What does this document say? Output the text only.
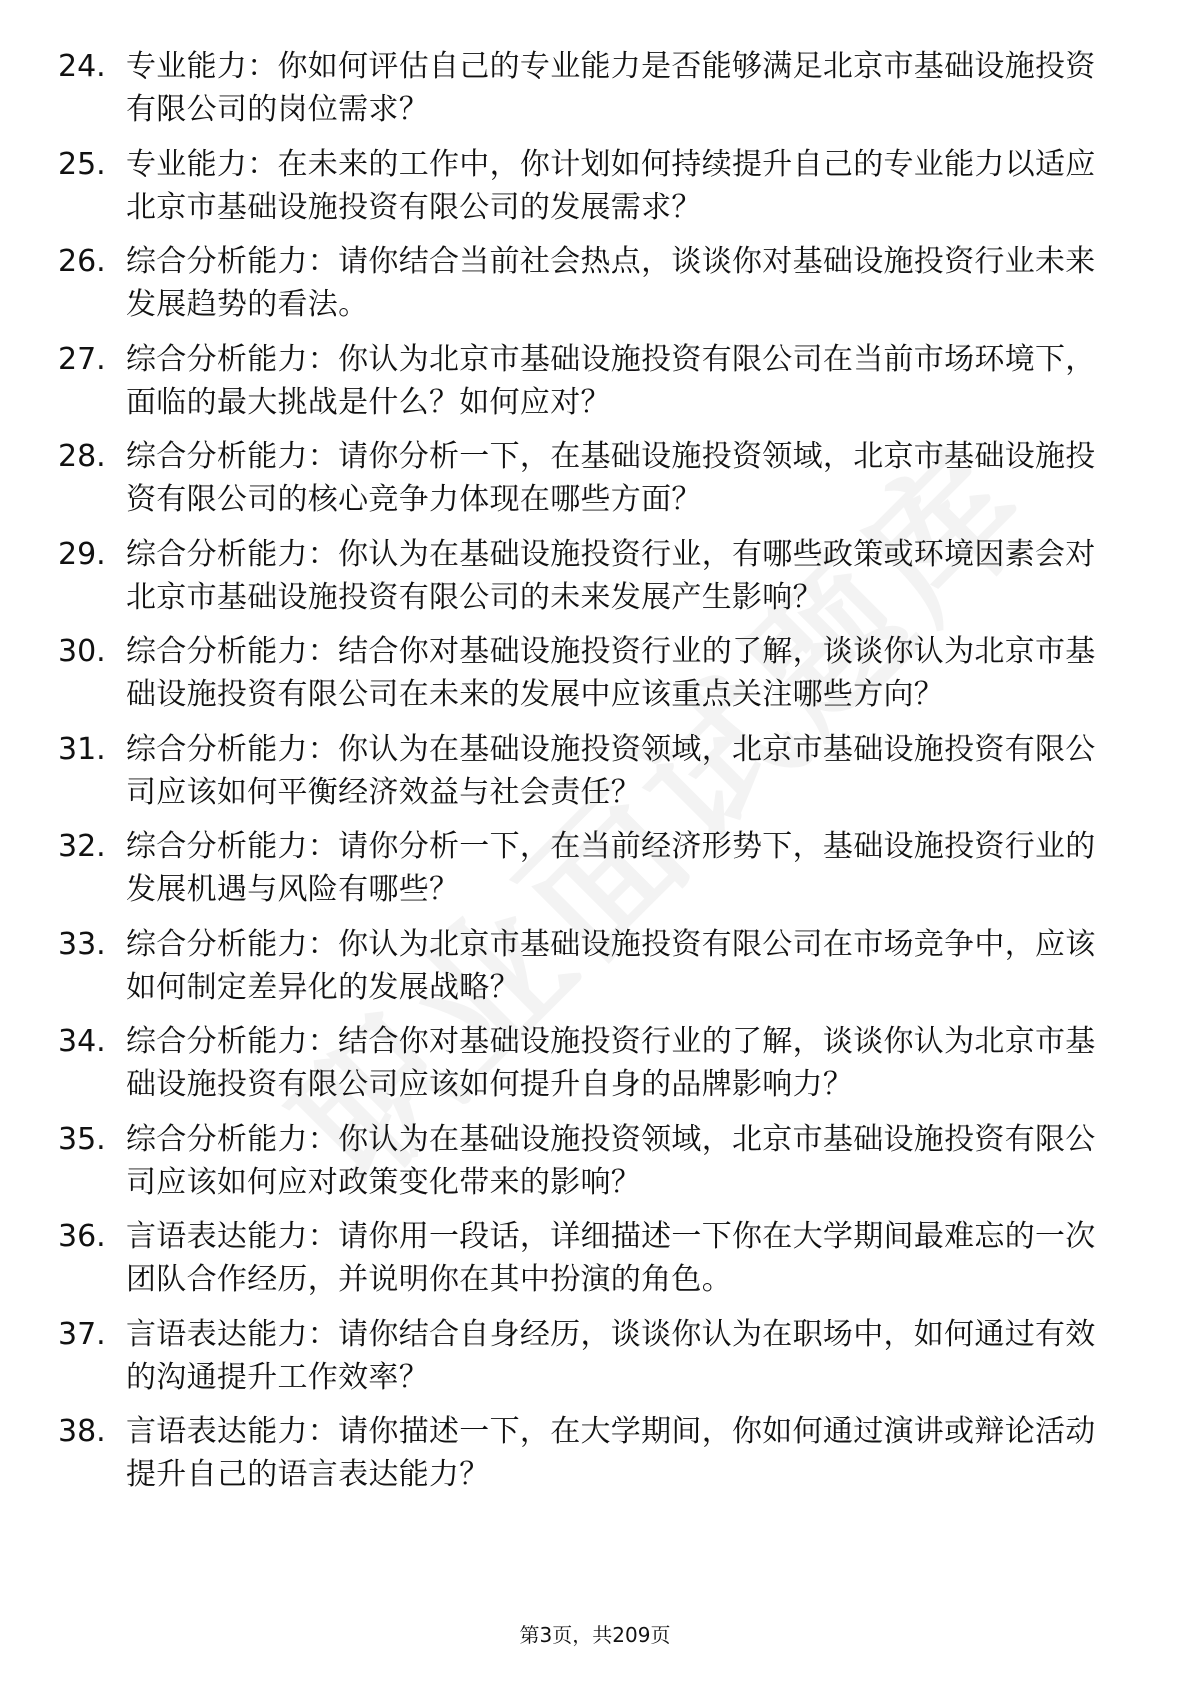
24. 专业能力：你如何评估自己的专业能力是否能够满足北京市基础设施投资有限公司的岗位需求？
25. 专业能力：在未来的工作中，你计划如何持续提升自己的专业能力以适应北京市基础设施投资有限公司的发展需求？
26. 综合分析能力：请你结合当前社会热点，谈谈你对基础设施投资行业未来发展趋势的看法。
27. 综合分析能力：你认为北京市基础设施投资有限公司在当前市场环境下，面临的最大挑战是什么？如何应对？
28. 综合分析能力：请你分析一下，在基础设施投资领域，北京市基础设施投资有限公司的核心竞争力体现在哪些方面？
29. 综合分析能力：你认为在基础设施投资行业，有哪些政策或环境因素会对北京市基础设施投资有限公司的未来发展产生影响？
30. 综合分析能力：结合你对基础设施投资行业的了解，谈谈你认为北京市基础设施投资有限公司在未来的发展中应该重点关注哪些方向？
31. 综合分析能力：你认为在基础设施投资领域，北京市基础设施投资有限公司应该如何平衡经济效益与社会责任？
32. 综合分析能力：请你分析一下，在当前经济形势下，基础设施投资行业的发展机遇与风险有哪些？
33. 综合分析能力：你认为北京市基础设施投资有限公司在市场竞争中，应该如何制定差异化的发展战略？
34. 综合分析能力：结合你对基础设施投资行业的了解，谈谈你认为北京市基础设施投资有限公司应该如何提升自身的品牌影响力？
35. 综合分析能力：你认为在基础设施投资领域，北京市基础设施投资有限公司应该如何应对政策变化带来的影响？
36. 言语表达能力：请你用一段话，详细描述一下你在大学期间最难忘的一次团队合作经历，并说明你在其中扮演的角色。
37. 言语表达能力：请你结合自身经历，谈谈你认为在职场中，如何通过有效的沟通提升工作效率？
38. 言语表达能力：请你描述一下，在大学期间，你如何通过演讲或辩论活动提升自己的语言表达能力？
第3页，共209页
